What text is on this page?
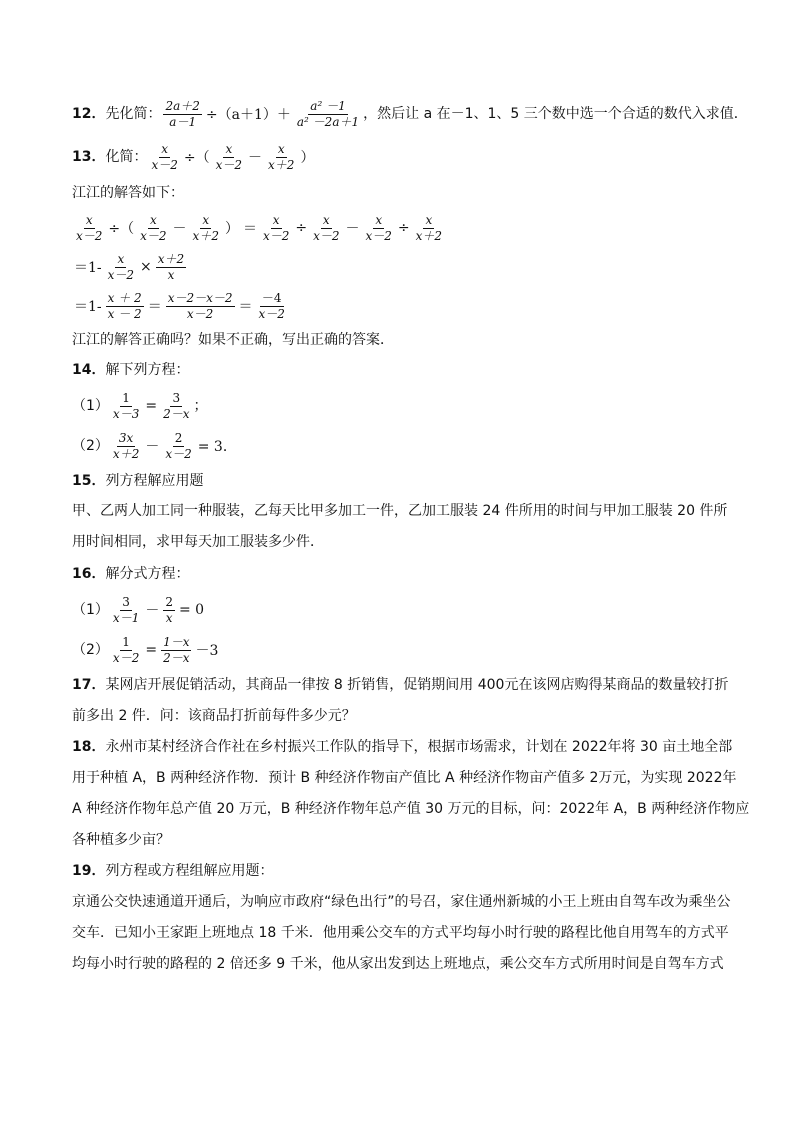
12． 先化简： $\frac{2a+2}{a-1} \div(a+1)+ \frac{\text{a² －1}}{\text{a² －2a＋1}}$ ，然后让 a 在－1、1、5 三个数中选一个合适的数代入求值．
13． 化简： $\frac{x}{x-2}$ ÷（ $\frac{x}{x-2} - \frac{x}{x+2}$ ）
江江的解答如下：
$\frac{x}{x-2}$ ÷（ $\frac{x}{x-2} - \frac{x}{x+2}$ ） ＝ $\frac{x}{x-2} \div \frac{x}{x-2} - \frac{x}{x-2} \div \frac{x}{x+2}$
$=1- \frac{x}{x-2} \times \frac{x+2}{x}$
$=1- \frac{x + 2}{x - 2} = \frac{x-2-x-2}{x-2} = \frac{-4}{x-2}$
江江的解答正确吗？如果不正确，写出正确的答案．
14． 解下列方程：
$(1) \frac{1}{x-3} = \frac{3}{2-x}$ ；
$(2) \frac{3x}{x+2} - \frac{2}{x-2} = 3$．
15． 列方程解应用题
甲、乙两人加工同一种服装，乙每天比甲多加工一件，乙加工服装 24 件所用的时间与甲加工服装 20 件所
用时间相同，求甲每天加工服装多少件．
16． 解分式方程：
$(1) \frac{3}{x-1} - \frac{2}{x} = 0$
$(2) \frac{1}{x-2} = \frac{1-x}{2-x} -3$
17．某网店开展促销活动，其商品一律按 8 折销售，促销期间用 400元在该网店购得某商品的数量较打折
前多出 2 件．问：该商品打折前每件多少元？
18．永州市某村经济合作社在乡村振兴工作队的指导下，根据市场需求，计划在 2022年将 30 亩土地全部
用于种植 A，B 两种经济作物．预计 B 种经济作物亩产值比 A 种经济作物亩产值多 2万元，为实现 2022年
A 种经济作物年总产值 20 万元，B 种经济作物年总产值 30 万元的目标，问：2022年 A，B 两种经济作物应
各种植多少亩？
19．列方程或方程组解应用题：
京通公交快速通道开通后，为响应市政府“绿色出行”的号召，家住通州新城的小王上班由自驾车改为乘坐公
交车．已知小王家距上班地点 18 千米．他用乘公交车的方式平均每小时行驶的路程比他自用驾车的方式平
均每小时行驶的路程的 2 倍还多 9 千米，他从家出发到达上班地点，乘公交车方式所用时间是自驾车方式
